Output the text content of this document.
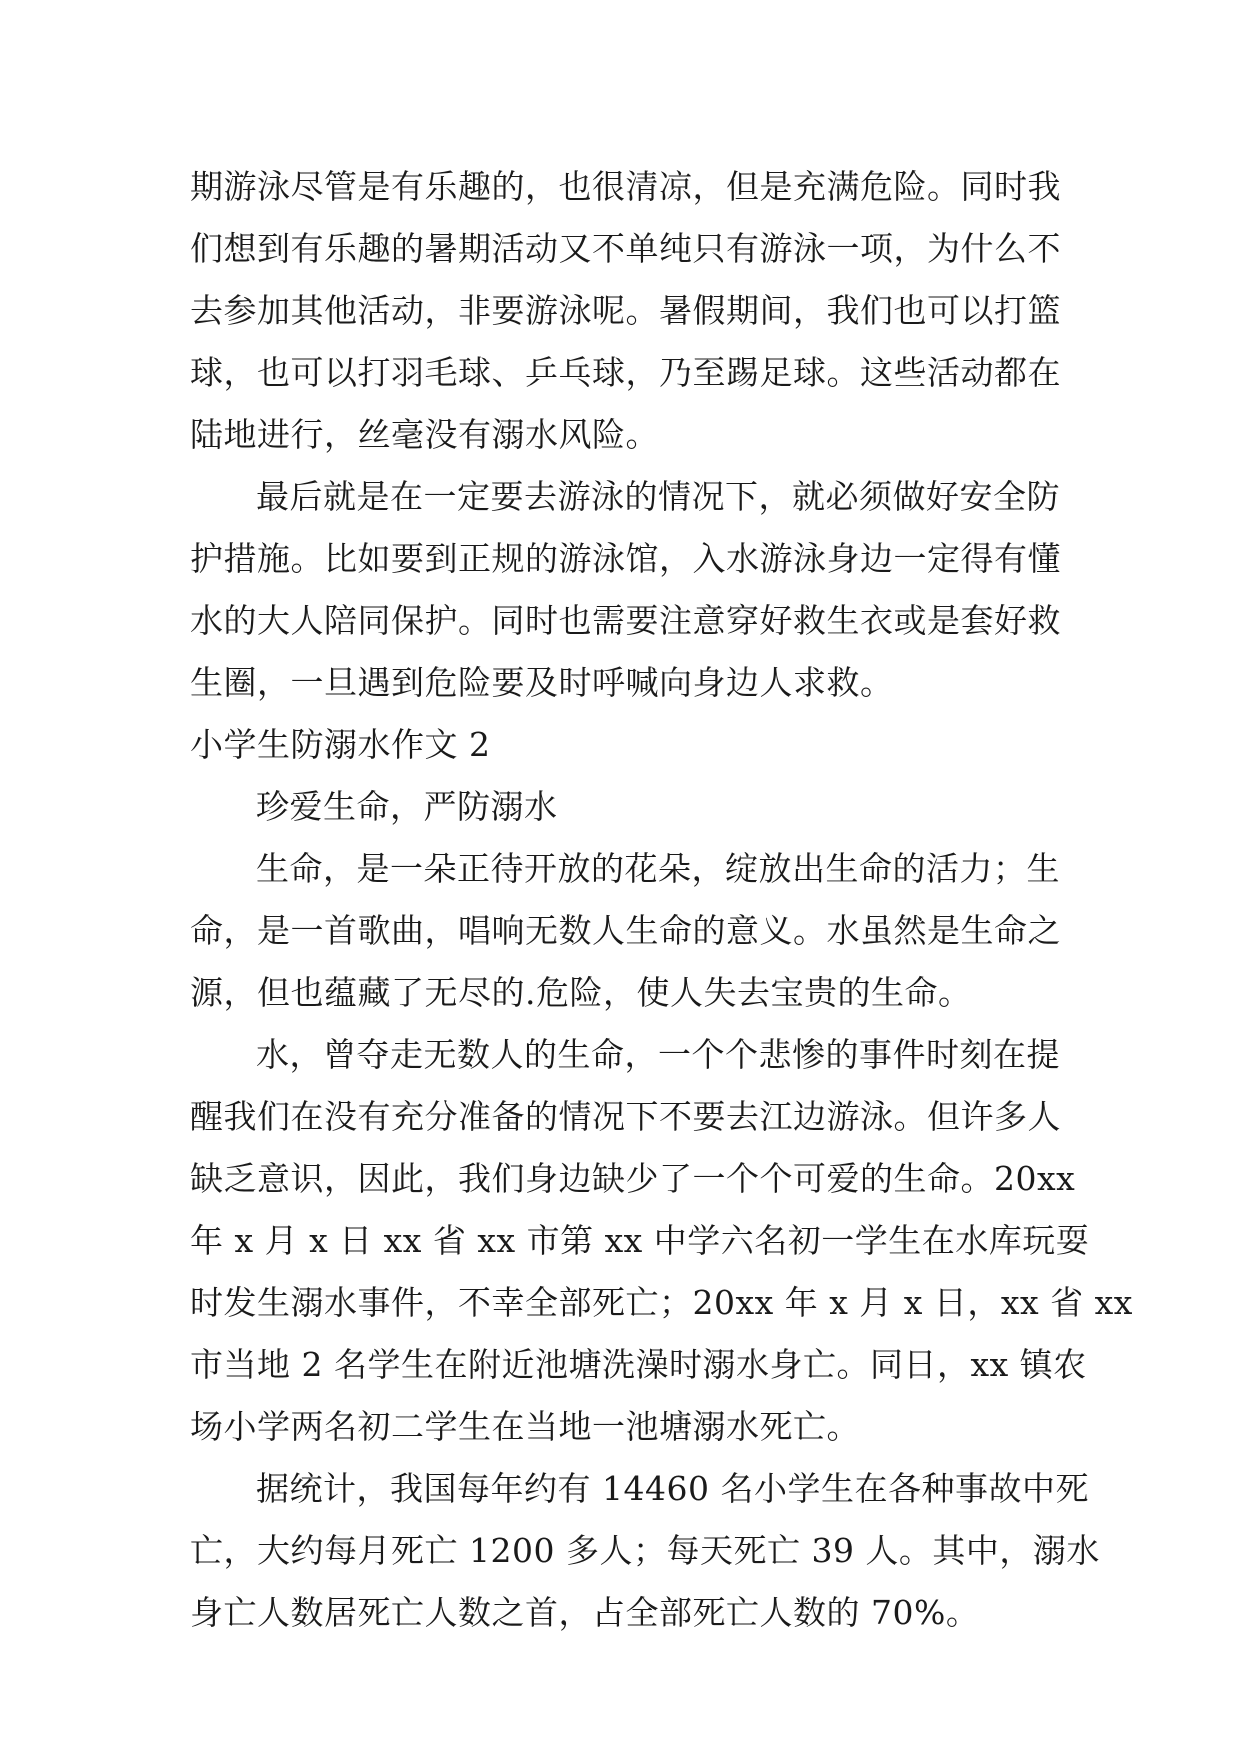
期游泳尽管是有乐趣的，也很清凉，但是充满危险。同时我
们想到有乐趣的暑期活动又不单纯只有游泳一项，为什么不
去参加其他活动，非要游泳呢。暑假期间，我们也可以打篮
球，也可以打羽毛球、乒乓球，乃至踢足球。这些活动都在
陆地进行，丝毫没有溺水风险。
最后就是在一定要去游泳的情况下，就必须做好安全防
护措施。比如要到正规的游泳馆，入水游泳身边一定得有懂
水的大人陪同保护。同时也需要注意穿好救生衣或是套好救
生圈，一旦遇到危险要及时呼喊向身边人求救。
小学生防溺水作文 2
珍爱生命，严防溺水
生命，是一朵正待开放的花朵，绽放出生命的活力；生
命，是一首歌曲，唱响无数人生命的意义。水虽然是生命之
源，但也蕴藏了无尽的.危险，使人失去宝贵的生命。
水，曾夺走无数人的生命，一个个悲惨的事件时刻在提
醒我们在没有充分准备的情况下不要去江边游泳。但许多人
缺乏意识，因此，我们身边缺少了一个个可爱的生命。20xx
年 x 月 x 日 xx 省 xx 市第 xx 中学六名初一学生在水库玩耍
时发生溺水事件，不幸全部死亡；20xx 年 x 月 x 日，xx 省 xx
市当地 2 名学生在附近池塘洗澡时溺水身亡。同日，xx 镇农
场小学两名初二学生在当地一池塘溺水死亡。
据统计，我国每年约有 14460 名小学生在各种事故中死
亡，大约每月死亡 1200 多人；每天死亡 39 人。其中，溺水
身亡人数居死亡人数之首，占全部死亡人数的 70%。
